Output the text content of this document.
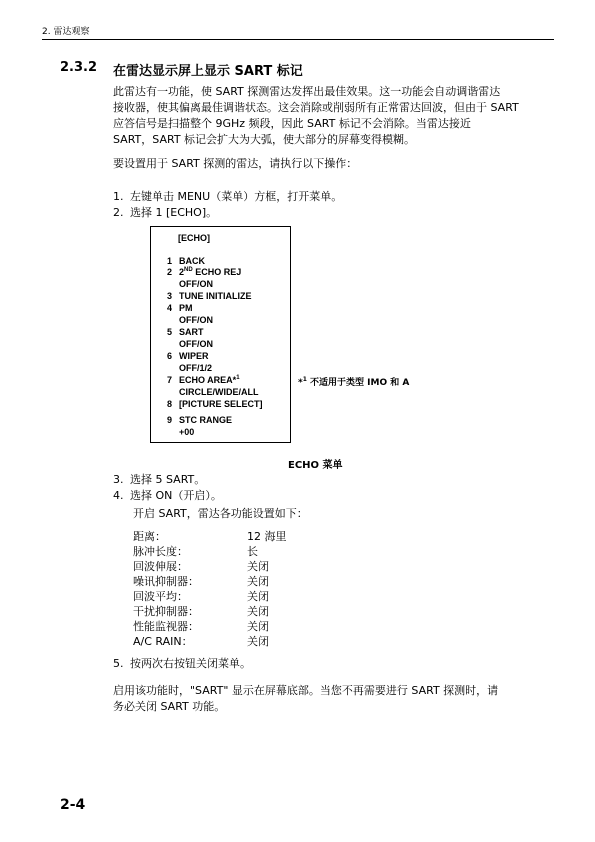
2. 雷达观察
2.3.2 在雷达显示屏上显示 SART 标记
此雷达有一功能，使 SART 探测雷达发挥出最佳效果。这一功能会自动调谐雷达
接收器，使其偏离最佳调谐状态。这会消除或削弱所有正常雷达回波，但由于 SART
应答信号是扫描整个 9GHz 频段，因此 SART 标记不会消除。当雷达接近
SART，SART 标记会扩大为大弧，使大部分的屏幕变得模糊。
要设置用于 SART 探测的雷达，请执行以下操作：
1. 左键单击 MENU（菜单）方框，打开菜单。
2. 选择 1 [ECHO]。
[ECHO]
1 BACK
2 2ND ECHO REJ
OFF/ON
3 TUNE INITIALIZE
4 PM
OFF/ON
5 SART
OFF/ON
6 WIPER
OFF/1/2
7 ECHO AREA*$^1$
CIRCLE/WIDE/ALL
8 [PICTURE SELECT]
9 STC RANGE
+00
*$^1$ 不适用于类型 IMO 和 A
ECHO 菜单
3. 选择 5 SART。
4. 选择 ON（开启）。
开启 SART，雷达各功能设置如下：
距离：	12 海里
脉冲长度：	长
回波伸展：	关闭
噪讯抑制器：	关闭
回波平均：	关闭
干扰抑制器：	关闭
性能监视器：	关闭
A/C RAIN：	关闭
5. 按两次右按钮关闭菜单。
启用该功能时，"SART" 显示在屏幕底部。当您不再需要进行 SART 探测时，请
务必关闭 SART 功能。
2-4
